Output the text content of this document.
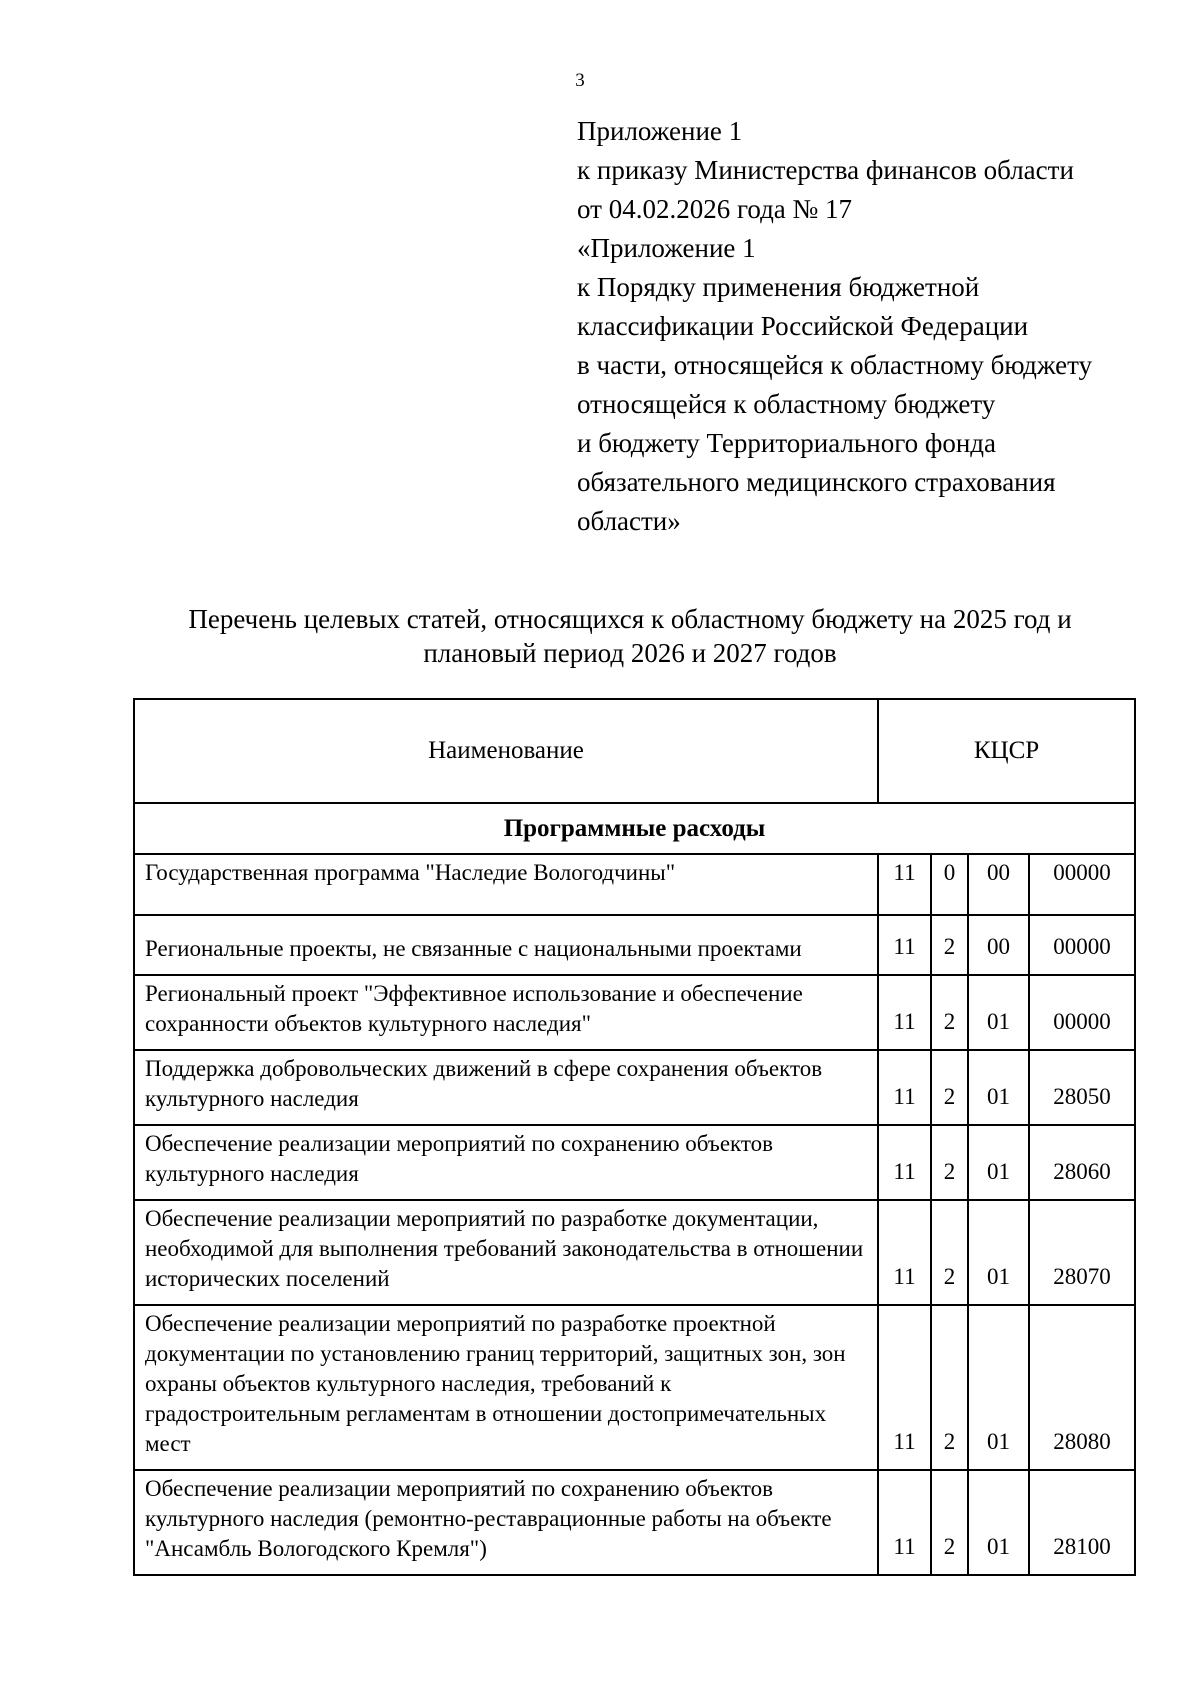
3
Приложение 1
к приказу Министерства финансов области
от 04.02.2026 года № 17
«Приложение 1
к Порядку применения бюджетной
классификации Российской Федерации
в части, относящейся к областному бюджету
относящейся к областному бюджету
и бюджету Территориального фонда
обязательного медицинского страхования
области»
Перечень целевых статей, относящихся к областному бюджету на 2025 год и
плановый период 2026 и 2027 годов
Наименование	КЦСР			
Программные расходы				
Государственная программа "Наследие Вологодчины"	11	0	00	00000
Региональные проекты, не связанные с национальными проектами	11	2	00	00000
Региональный проект "Эффективное использование и обеспечение сохранности объектов культурного наследия"	11	2	01	00000
Поддержка добровольческих движений в сфере сохранения объектов культурного наследия	11	2	01	28050
Обеспечение реализации мероприятий по сохранению объектов культурного наследия	11	2	01	28060
Обеспечение реализации мероприятий по разработке документации, необходимой для выполнения требований законодательства в отношении исторических поселений	11	2	01	28070
Обеспечение реализации мероприятий по разработке проектной документации по установлению границ территорий, защитных зон, зон охраны объектов культурного наследия, требований к градостроительным регламентам в отношении достопримечательных мест	11	2	01	28080
Обеспечение реализации мероприятий по сохранению объектов культурного наследия (ремонтно-реставрационные работы на объекте "Ансамбль Вологодского Кремля")	11	2	01	28100
